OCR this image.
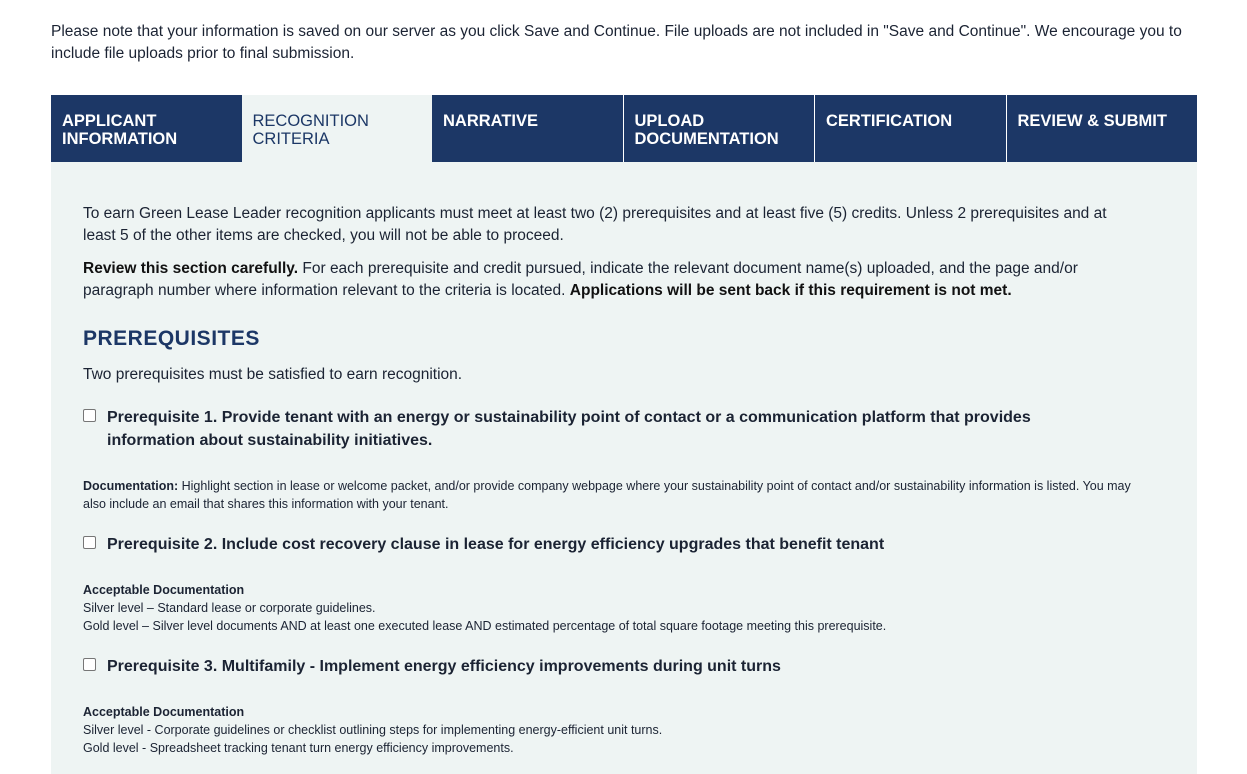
Please note that your information is saved on our server as you click Save and Continue. File uploads are not included in "Save and Continue". We encourage you to include file uploads prior to final submission.
APPLICANT INFORMATION
RECOGNITION CRITERIA
NARRATIVE	UPLOAD DOCUMENTATION
CERTIFICATION	REVIEW & SUBMIT
To earn Green Lease Leader recognition applicants must meet at least two (2) prerequisites and at least five (5) credits. Unless 2 prerequisites and at least 5 of the other items are checked, you will not be able to proceed.
Review this section carefully. For each prerequisite and credit pursued, indicate the relevant document name(s) uploaded, and the page and/or paragraph number where information relevant to the criteria is located. Applications will be sent back if this requirement is not met.
PREREQUISITES
Two prerequisites must be satisfied to earn recognition.
Prerequisite 1. Provide tenant with an energy or sustainability point of contact or a communication platform that provides information about sustainability initiatives.
Documentation: Highlight section in lease or welcome packet, and/or provide company webpage where your sustainability point of contact and/or sustainability information is listed. You may also include an email that shares this information with your tenant.
Prerequisite 2. Include cost recovery clause in lease for energy efficiency upgrades that benefit tenant
Acceptable Documentation
Silver level – Standard lease or corporate guidelines.
Gold level – Silver level documents AND at least one executed lease AND estimated percentage of total square footage meeting this prerequisite.
Prerequisite 3. Multifamily - Implement energy efficiency improvements during unit turns
Acceptable Documentation
Silver level - Corporate guidelines or checklist outlining steps for implementing energy-efficient unit turns.
Gold level - Spreadsheet tracking tenant turn energy efficiency improvements.
